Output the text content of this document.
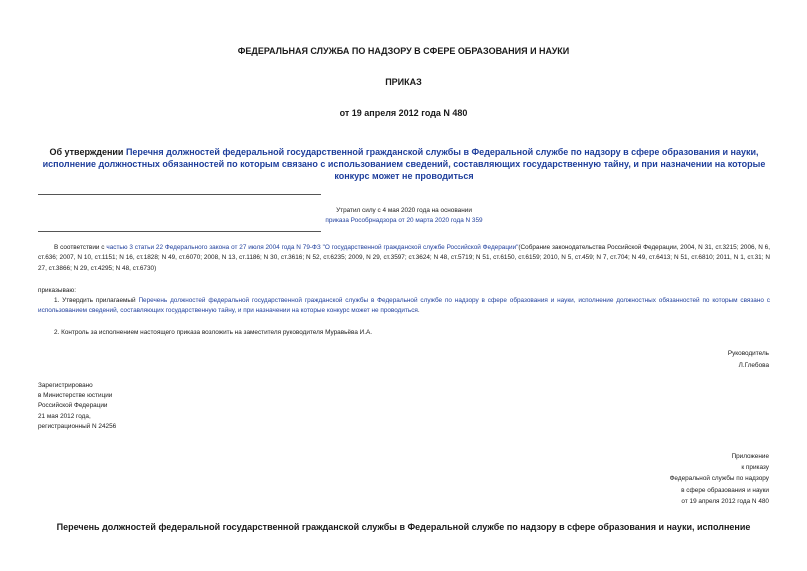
ФЕДЕРАЛЬНАЯ СЛУЖБА ПО НАДЗОРУ В СФЕРЕ ОБРАЗОВАНИЯ И НАУКИ
ПРИКАЗ
от 19 апреля 2012 года N 480
Об утверждении Перечня должностей федеральной государственной гражданской службы в Федеральной службе по надзору в сфере образования и науки, исполнение должностных обязанностей по которым связано с использованием сведений, составляющих государственную тайну, и при назначении на которые конкурс может не проводиться
Утратил силу с 4 мая 2020 года на основании
приказа Рособрнадзора от 20 марта 2020 года N 359
В соответствии с частью 3 статьи 22 Федерального закона от 27 июля 2004 года N 79-ФЗ "О государственной гражданской службе Российской Федерации"(Собрание законодательства Российской Федерации, 2004, N 31, ст.3215; 2006, N 6, ст.636; 2007, N 10, ст.1151; N 16, ст.1828; N 49, ст.6070; 2008, N 13, ст.1186; N 30, ст.3616; N 52, ст.6235; 2009, N 29, ст.3597; ст.3624; N 48, ст.5719; N 51, ст.6150, ст.6159; 2010, N 5, ст.459; N 7, ст.704; N 49, ст.6413; N 51, ст.6810; 2011, N 1, ст.31; N 27, ст.3866; N 29, ст.4295; N 48, ст.6730)
приказываю:
1. Утвердить прилагаемый Перечень должностей федеральной государственной гражданской службы в Федеральной службе по надзору в сфере образования и науки, исполнение должностных обязанностей по которым связано с использованием сведений, составляющих государственную тайну, и при назначении на которые конкурс может не проводиться.
2. Контроль за исполнением настоящего приказа возложить на заместителя руководителя Муравьёва И.А.
Руководитель
Л.Глебова
Зарегистрировано
в Министерстве юстиции
Российской Федерации
21 мая 2012 года,
регистрационный N 24256
Приложение
к приказу
Федеральной службы по надзору
в сфере образования и науки
от 19 апреля 2012 года N 480
Перечень должностей федеральной государственной гражданской службы в Федеральной службе по надзору в сфере образования и науки, исполнение
